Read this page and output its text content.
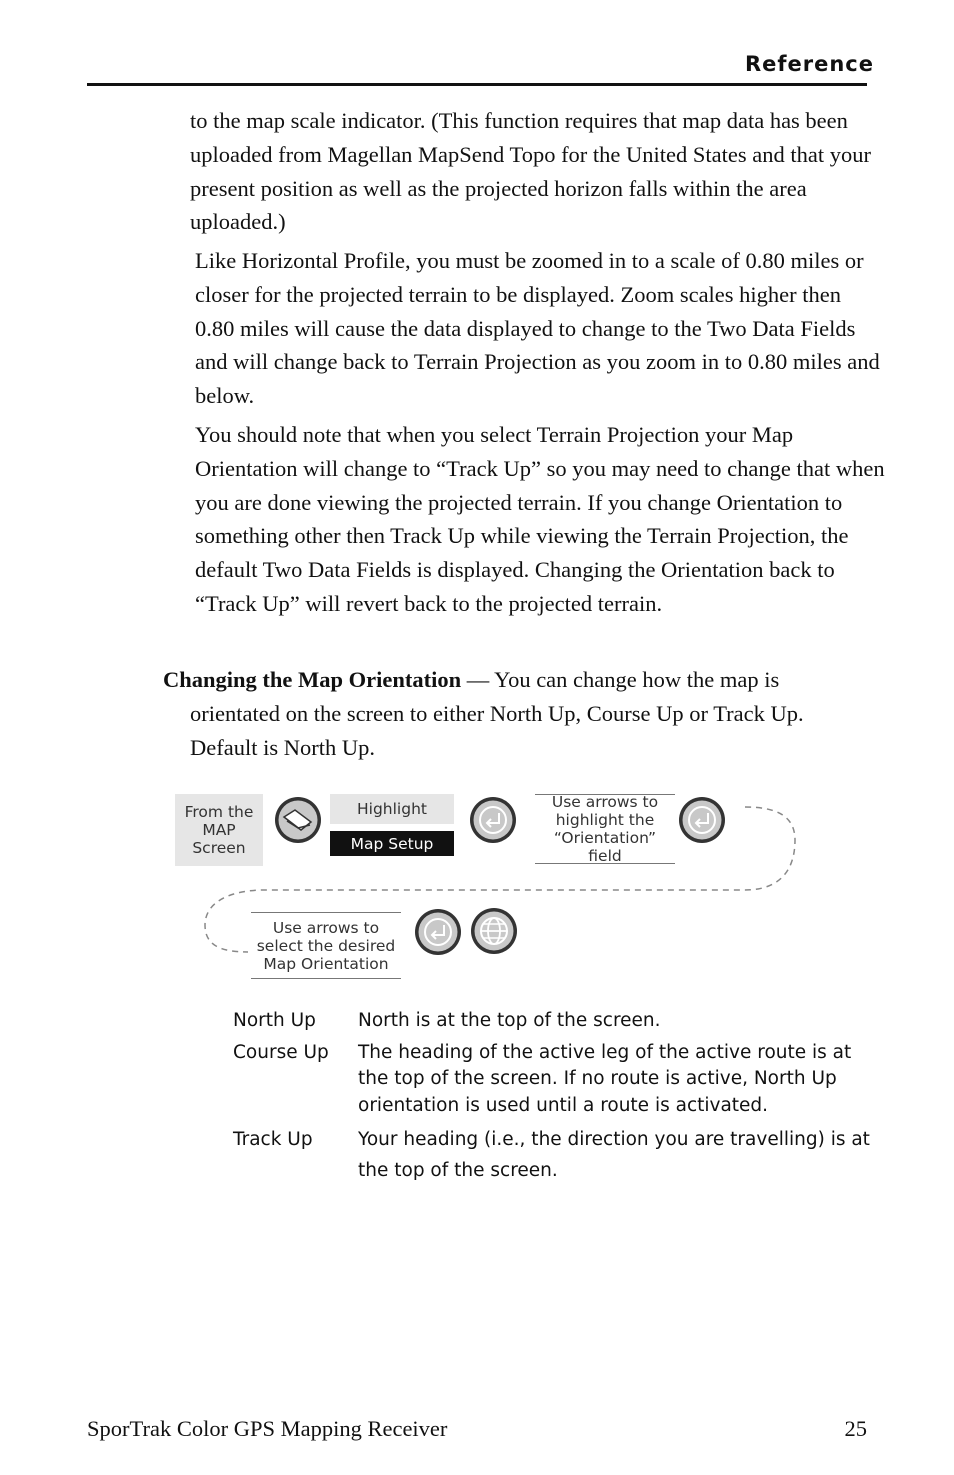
Reference

to the map scale indicator. (This function requires that map data has been uploaded from Magellan MapSend Topo for the United States and that your present position as well as the projected horizon falls within the area uploaded.)

Like Horizontal Profile, you must be zoomed in to a scale of 0.80 miles or closer for the projected terrain to be displayed. Zoom scales higher then 0.80 miles will cause the data displayed to change to the Two Data Fields and will change back to Terrain Projection as you zoom in to 0.80 miles and below.

You should note that when you select Terrain Projection your Map Orientation will change to “Track Up” so you may need to change that when you are done viewing the projected terrain. If you change Orientation to something other then Track Up while viewing the Terrain Projection, the default Two Data Fields is displayed. Changing the Orientation back to “Track Up” will revert back to the projected terrain.

Changing the Map Orientation — You can change how the map is
orientated on the screen to either North Up, Course Up or Track Up. Default is North Up.

From the MAP Screen
Highlight
Map Setup
Use arrows to highlight the “Orientation” field
Use arrows to select the desired Map Orientation
North Up	North is at the top of the screen.
Course Up	The heading of the active leg of the active route is at the top of the screen. If no route is active, North Up orientation is used until a route is activated.
Track Up	Your heading (i.e., the direction you are travelling) is at the top of the screen.
SporTrak Color GPS Mapping Receiver	25
